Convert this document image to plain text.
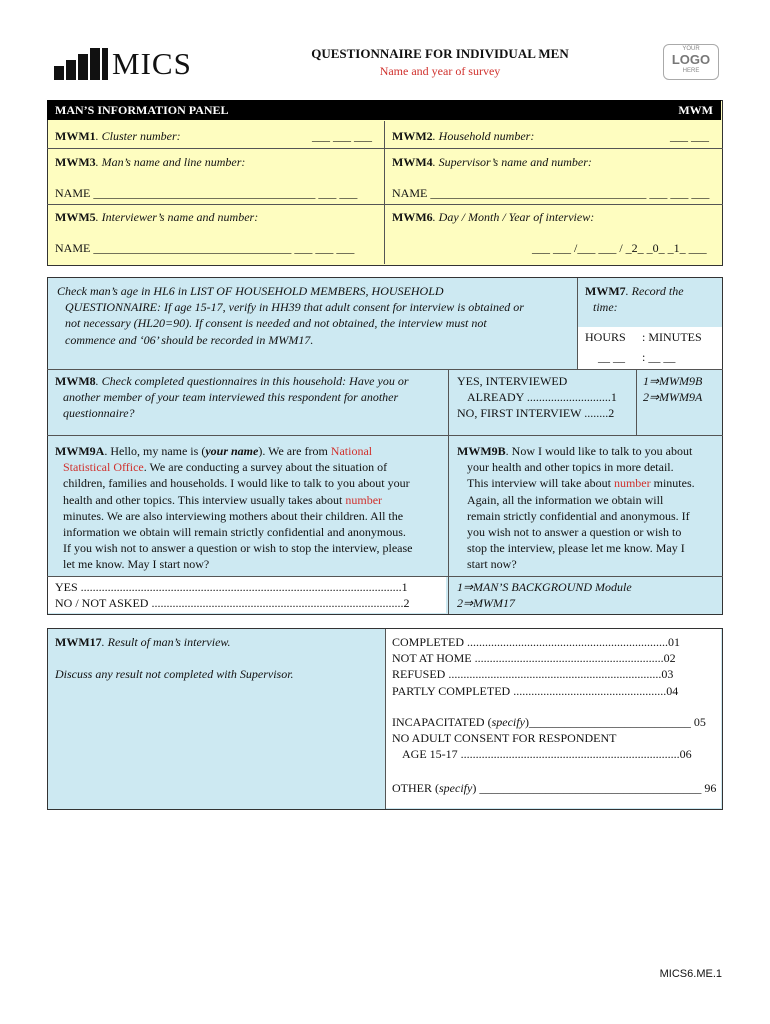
MICS	QUESTIONNAIRE FOR INDIVIDUAL MEN
Name and year of survey
YOUR
LOGO
HERE
MAN’S INFORMATION PANEL	MWM
MWM1. Cluster number:	___ ___ ___ MWM2. Household number:	___ ___
MWM3. Man’s name and line number:
NAME _____________________________________ ___ ___
MWM4. Supervisor’s name and number:
NAME ____________________________________ ___ ___ ___
MWM5. Interviewer’s name and number:
NAME _________________________________ ___ ___ ___
MWM6. Day / Month / Year of interview:
___ ___ /___ ___ / _2_ _0_ _1_ ___
Check man’s age in HL6 in LIST OF HOUSEHOLD MEMBERS, HOUSEHOLD
QUESTIONNAIRE: If age 15-17, verify in HH39 that adult consent for interview is obtained or
not necessary (HL20=90). If consent is needed and not obtained, the interview must not
commence and ‘06’ should be recorded in MWM17.
MWM7. Record the
time:
HOURS : MINUTES
__ __ : __ __
MWM8. Check completed questionnaires in this household: Have you or
another member of your team interviewed this respondent for another
questionnaire?
YES, INTERVIEWED
ALREADY ............................1
NO, FIRST INTERVIEW ........2
1⇒MWM9B
2⇒MWM9A
MWM9A. Hello, my name is (your name). We are from National
Statistical Office. We are conducting a survey about the situation of
children, families and households. I would like to talk to you about your
health and other topics. This interview usually takes about number
minutes. We are also interviewing mothers about their children. All the
information we obtain will remain strictly confidential and anonymous.
If you wish not to answer a question or wish to stop the interview, please
let me know. May I start now?
MWM9B. Now I would like to talk to you about
your health and other topics in more detail.
This interview will take about number minutes.
Again, all the information we obtain will
remain strictly confidential and anonymous. If
you wish not to answer a question or wish to
stop the interview, please let me know. May I
start now?
YES ...........................................................................................................1
NO / NOT ASKED ....................................................................................2
1⇒MAN’S BACKGROUND Module
2⇒MWM17
MWM17. Result of man’s interview.
Discuss any result not completed with Supervisor.
COMPLETED ...................................................................01
NOT AT HOME ...............................................................02
REFUSED .......................................................................03
PARTLY COMPLETED ...................................................04
INCAPACITATED (specify)___________________________ 05
NO ADULT CONSENT FOR RESPONDENT
AGE 15-17 .........................................................................06
OTHER (specify) _____________________________________ 96
MICS6.ME.1
